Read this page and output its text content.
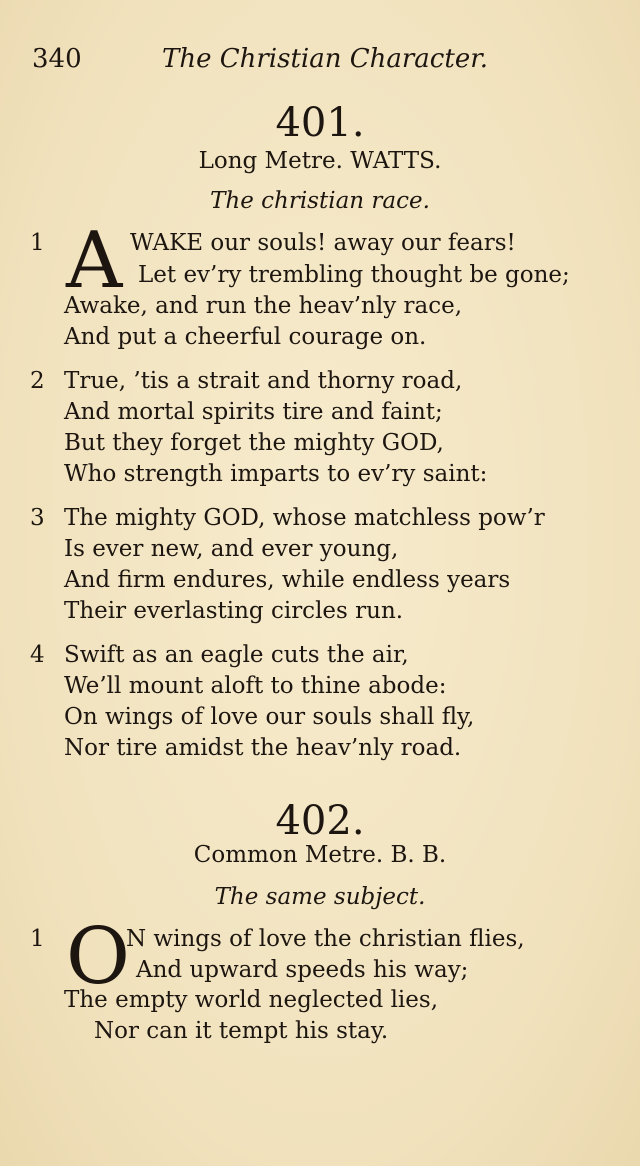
340	The Christian Character.
401.
Long Metre. WATTS.
The christian race.
1 A WAKE our souls! away our fears!
Let ev’ry trembling thought be gone;
Awake, and run the heav’nly race,
And put a cheerful courage on.
2 True, ’tis a strait and thorny road,
And mortal spirits tire and faint;
But they forget the mighty GOD,
Who strength imparts to ev’ry saint:
3 The mighty GOD, whose matchless pow’r
Is ever new, and ever young,
And firm endures, while endless years
Their everlasting circles run.
4 Swift as an eagle cuts the air,
We’ll mount aloft to thine abode:
On wings of love our souls shall fly,
Nor tire amidst the heav’nly road.
402.
Common Metre. B. B.
The same subject.
1 O
N wings of love the christian flies,
And upward speeds his way;
The empty world neglected lies,
Nor can it tempt his stay.
